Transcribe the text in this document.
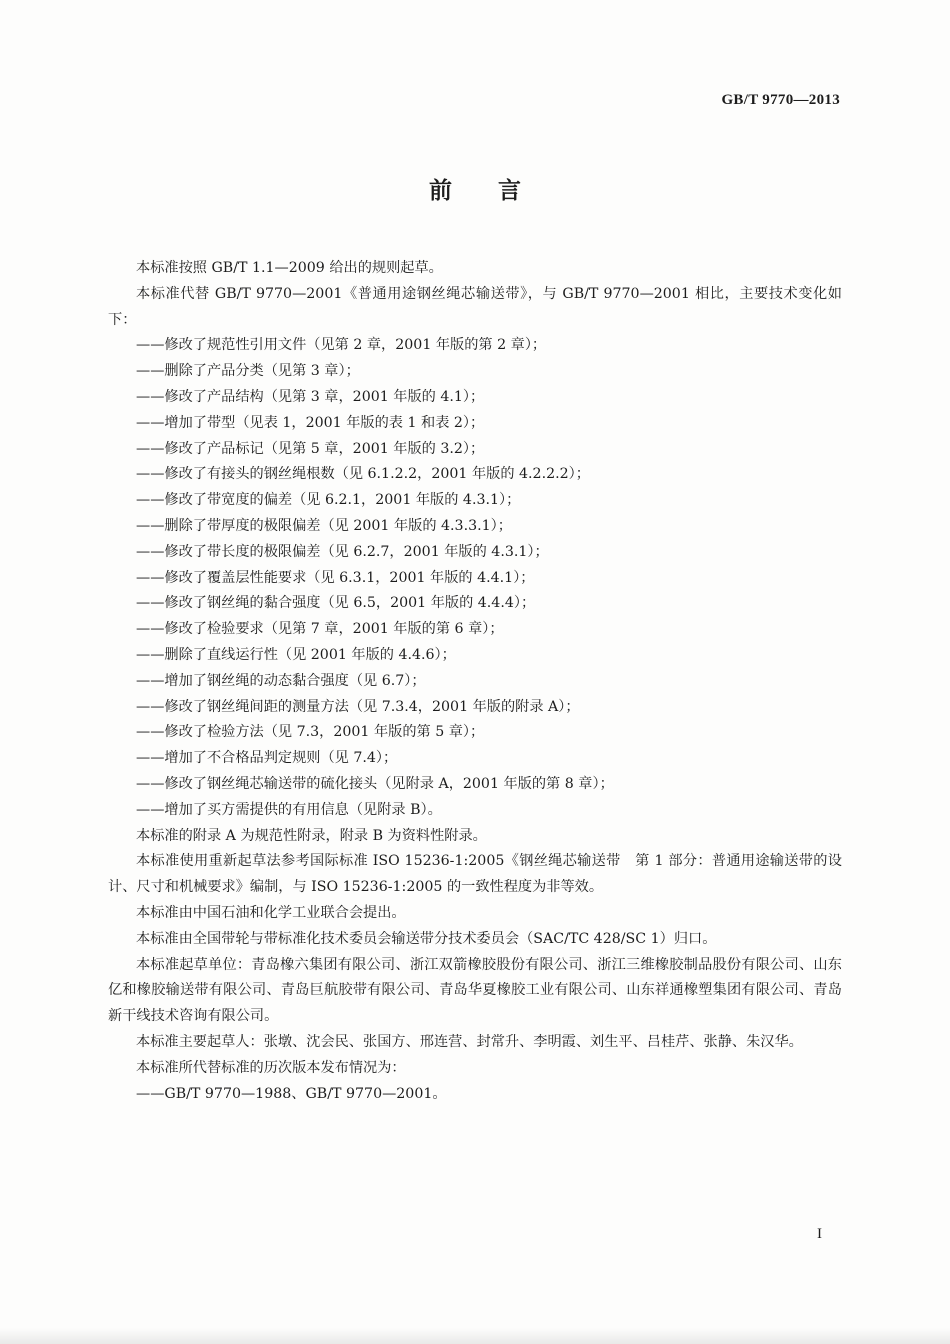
GB/T 9770—2013
前言

本标准按照 GB/T 1.1—2009 给出的规则起草。

本标准代替 GB/T 9770—2001《普通用途钢丝绳芯输送带》，与 GB/T 9770—2001 相比，主要技术变化如下：

——修改了规范性引用文件（见第 2 章，2001 年版的第 2 章）；

——删除了产品分类（见第 3 章）；

——修改了产品结构（见第 3 章，2001 年版的 4.1）；

——增加了带型（见表 1，2001 年版的表 1 和表 2）；

——修改了产品标记（见第 5 章，2001 年版的 3.2）；

——修改了有接头的钢丝绳根数（见 6.1.2.2，2001 年版的 4.2.2.2）；

——修改了带宽度的偏差（见 6.2.1，2001 年版的 4.3.1）；

——删除了带厚度的极限偏差（见 2001 年版的 4.3.3.1）；

——修改了带长度的极限偏差（见 6.2.7，2001 年版的 4.3.1）；

——修改了覆盖层性能要求（见 6.3.1，2001 年版的 4.4.1）；

——修改了钢丝绳的黏合强度（见 6.5，2001 年版的 4.4.4）；

——修改了检验要求（见第 7 章，2001 年版的第 6 章）；

——删除了直线运行性（见 2001 年版的 4.4.6）；

——增加了钢丝绳的动态黏合强度（见 6.7）；

——修改了钢丝绳间距的测量方法（见 7.3.4，2001 年版的附录 A）；

——修改了检验方法（见 7.3，2001 年版的第 5 章）；

——增加了不合格品判定规则（见 7.4）；

——修改了钢丝绳芯输送带的硫化接头（见附录 A，2001 年版的第 8 章）；

——增加了买方需提供的有用信息（见附录 B）。

本标准的附录 A 为规范性附录，附录 B 为资料性附录。

本标准使用重新起草法参考国际标准 ISO 15236-1:2005《钢丝绳芯输送带　第 1 部分：普通用途输送带的设计、尺寸和机械要求》编制，与 ISO 15236-1:2005 的一致性程度为非等效。

本标准由中国石油和化学工业联合会提出。

本标准由全国带轮与带标准化技术委员会输送带分技术委员会（SAC/TC 428/SC 1）归口。

本标准起草单位：青岛橡六集团有限公司、浙江双箭橡胶股份有限公司、浙江三维橡胶制品股份有限公司、山东亿和橡胶输送带有限公司、青岛巨航胶带有限公司、青岛华夏橡胶工业有限公司、山东祥通橡塑集团有限公司、青岛新干线技术咨询有限公司。

本标准主要起草人：张墩、沈会民、张国方、邢连营、封常升、李明霞、刘生平、吕桂芹、张静、朱汉华。

本标准所代替标准的历次版本发布情况为：

——GB/T 9770—1988、GB/T 9770—2001。

I
